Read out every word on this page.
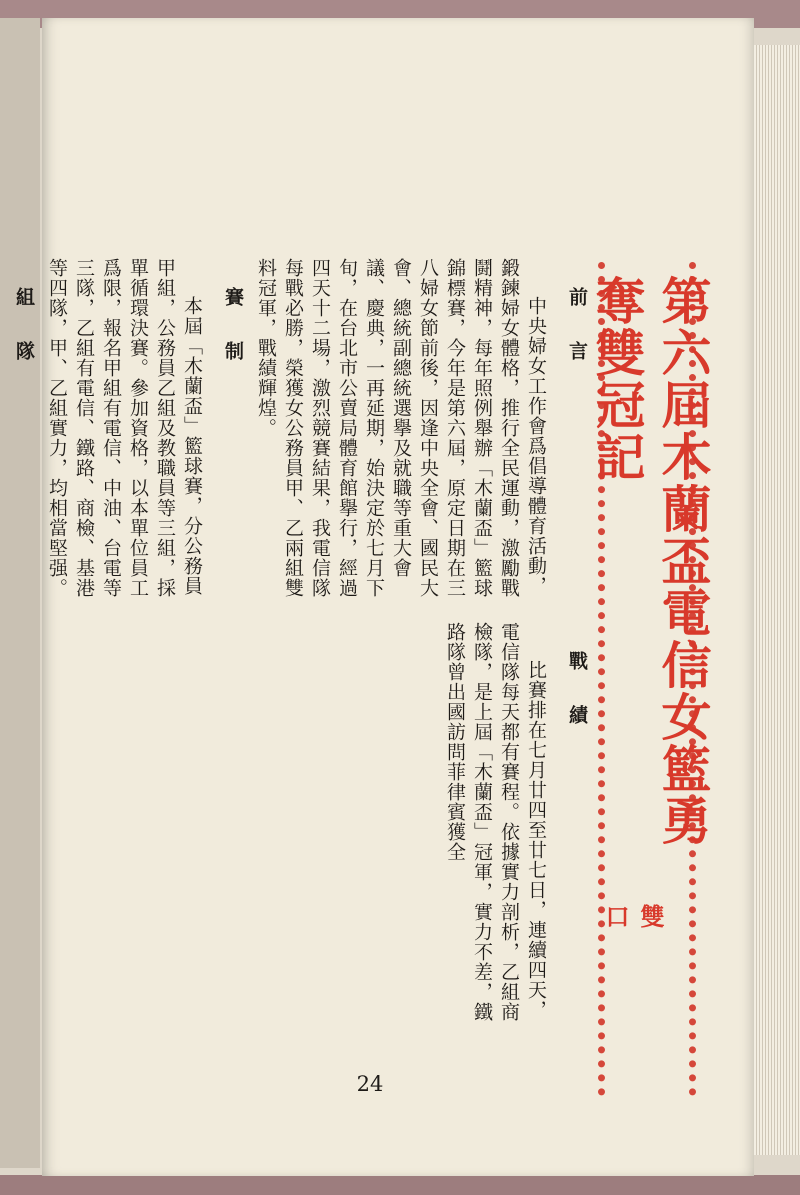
第六屆木蘭盃電信女籃勇奪雙冠記
雙 口
前　言

中央婦女工作會爲倡導體育活動，鍛鍊婦女體格，推行全民運動，激勵戰鬪精神，每年照例舉辦「木蘭盃」籃球錦標賽，今年是第六屆，原定日期在三八婦女節前後，因逢中央全會、國民大會、總統副總統選擧及就職等重大會議、慶典，一再延期，始決定於七月下旬，在台北市公賣局體育館擧行，經過四天十二場，激烈競賽結果，我電信隊每戰必勝，榮獲女公務員甲、乙兩組雙料冠軍，戰績輝煌。

賽　制

本屆「木蘭盃」籃球賽，分公務員甲組，公務員乙組及教職員等三組，採單循環決賽。參加資格，以本單位員工爲限，報名甲組有電信、中油、台電等三隊，乙組有電信、鐵路、商檢、基港等四隊，甲、乙組實力，均相當堅强。

組　隊

戰　績

比賽排在七月廿四至廿七日，連續四天，電信隊每天都有賽程。依據實力剖析，乙組商檢隊，是上屆「木蘭盃」冠軍，實力不差，鐵路隊曾出國訪問菲律賓獲全

24
